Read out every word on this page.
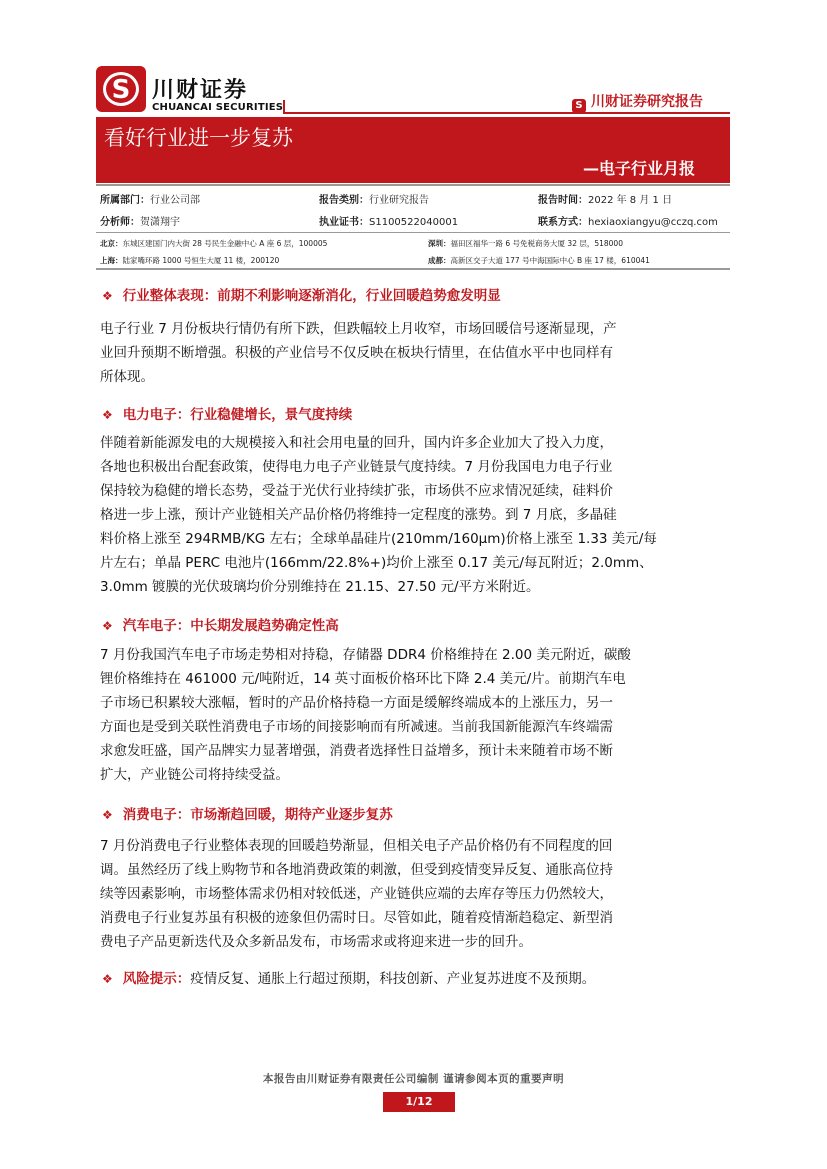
S 川财证券
CHUANCAI SECURITIES	S 川财证券研究报告
看好行业进一步复苏
—电子行业月报
所属部门：行业公司部	报告类别：行业研究报告	报告时间：2022 年 8 月 1 日
分析师：贺潇翔宇	执业证书：S1100522040001	联系方式：hexiaoxiangyu@cczq.com
北京：东城区建国门内大街 28 号民生金融中心 A 座 6 层，100005	深圳：福田区福华一路 6 号免税商务大厦 32 层，518000
上海：陆家嘴环路 1000 号恒生大厦 11 楼，200120	成都：高新区交子大道 177 号中海国际中心 B 座 17 楼，610041
❖ 行业整体表现：前期不利影响逐渐消化，行业回暖趋势愈发明显
电子行业 7 月份板块行情仍有所下跌，但跌幅较上月收窄，市场回暖信号逐渐显现，产
业回升预期不断增强。积极的产业信号不仅反映在板块行情里，在估值水平中也同样有
所体现。
❖ 电力电子：行业稳健增长，景气度持续
伴随着新能源发电的大规模接入和社会用电量的回升，国内许多企业加大了投入力度，
各地也积极出台配套政策，使得电力电子产业链景气度持续。7 月份我国电力电子行业
保持较为稳健的增长态势，受益于光伏行业持续扩张，市场供不应求情况延续，硅料价
格进一步上涨，预计产业链相关产品价格仍将维持一定程度的涨势。到 7 月底，多晶硅
料价格上涨至 294RMB/KG 左右；全球单晶硅片(210mm/160μm)价格上涨至 1.33 美元/每
片左右；单晶 PERC 电池片(166mm/22.8%+)均价上涨至 0.17 美元/每瓦附近；2.0mm、
3.0mm 镀膜的光伏玻璃均价分别维持在 21.15、27.50 元/平方米附近。
❖ 汽车电子：中长期发展趋势确定性高
7 月份我国汽车电子市场走势相对持稳，存储器 DDR4 价格维持在 2.00 美元附近，碳酸
锂价格维持在 461000 元/吨附近，14 英寸面板价格环比下降 2.4 美元/片。前期汽车电
子市场已积累较大涨幅，暂时的产品价格持稳一方面是缓解终端成本的上涨压力，另一
方面也是受到关联性消费电子市场的间接影响而有所减速。当前我国新能源汽车终端需
求愈发旺盛，国产品牌实力显著增强，消费者选择性日益增多，预计未来随着市场不断
扩大，产业链公司将持续受益。
❖ 消费电子：市场渐趋回暖，期待产业逐步复苏
7 月份消费电子行业整体表现的回暖趋势渐显，但相关电子产品价格仍有不同程度的回
调。虽然经历了线上购物节和各地消费政策的刺激，但受到疫情变异反复、通胀高位持
续等因素影响，市场整体需求仍相对较低迷，产业链供应端的去库存等压力仍然较大，
消费电子行业复苏虽有积极的迹象但仍需时日。尽管如此，随着疫情渐趋稳定、新型消
费电子产品更新迭代及众多新品发布，市场需求或将迎来进一步的回升。
❖ 风险提示：疫情反复、通胀上行超过预期，科技创新、产业复苏进度不及预期。
本报告由川财证券有限责任公司编制 谨请参阅本页的重要声明
1/12
